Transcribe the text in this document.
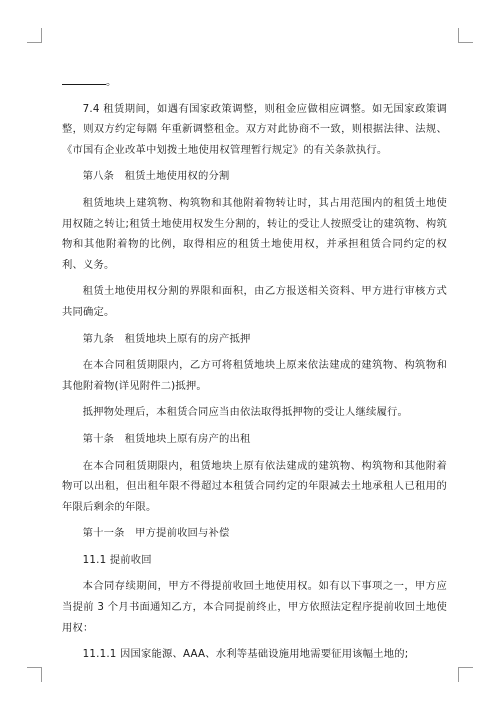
。

7.4 租赁期间，如遇有国家政策调整，则租金应做相应调整。如无国家政策调整，则双方约定每隔 年重新调整租金。双方对此协商不一致，则根据法律、法规、《市国有企业改革中划拨土地使用权管理暂行规定》的有关条款执行。

第八条　租赁土地使用权的分割

租赁地块上建筑物、构筑物和其他附着物转让时，其占用范围内的租赁土地使用权随之转让;租赁土地使用权发生分割的，转让的受让人按照受让的建筑物、构筑物和其他附着物的比例，取得相应的租赁土地使用权，并承担租赁合同约定的权利、义务。

租赁土地使用权分割的界限和面积，由乙方报送相关资料、甲方进行审核方式共同确定。

第九条　租赁地块上原有的房产抵押

在本合同租赁期限内，乙方可将租赁地块上原来依法建成的建筑物、构筑物和其他附着物(详见附件二)抵押。

抵押物处理后，本租赁合同应当由依法取得抵押物的受让人继续履行。

第十条　租赁地块上原有房产的出租

在本合同租赁期限内，租赁地块上原有依法建成的建筑物、构筑物和其他附着物可以出租，但出租年限不得超过本租赁合同约定的年限减去土地承租人已租用的年限后剩余的年限。

第十一条　甲方提前收回与补偿

11.1 提前收回

本合同存续期间，甲方不得提前收回土地使用权。如有以下事项之一，甲方应当提前 3 个月书面通知乙方，本合同提前终止，甲方依照法定程序提前收回土地使用权：

11.1.1 因国家能源、AAA、水利等基础设施用地需要征用该幅土地的;
